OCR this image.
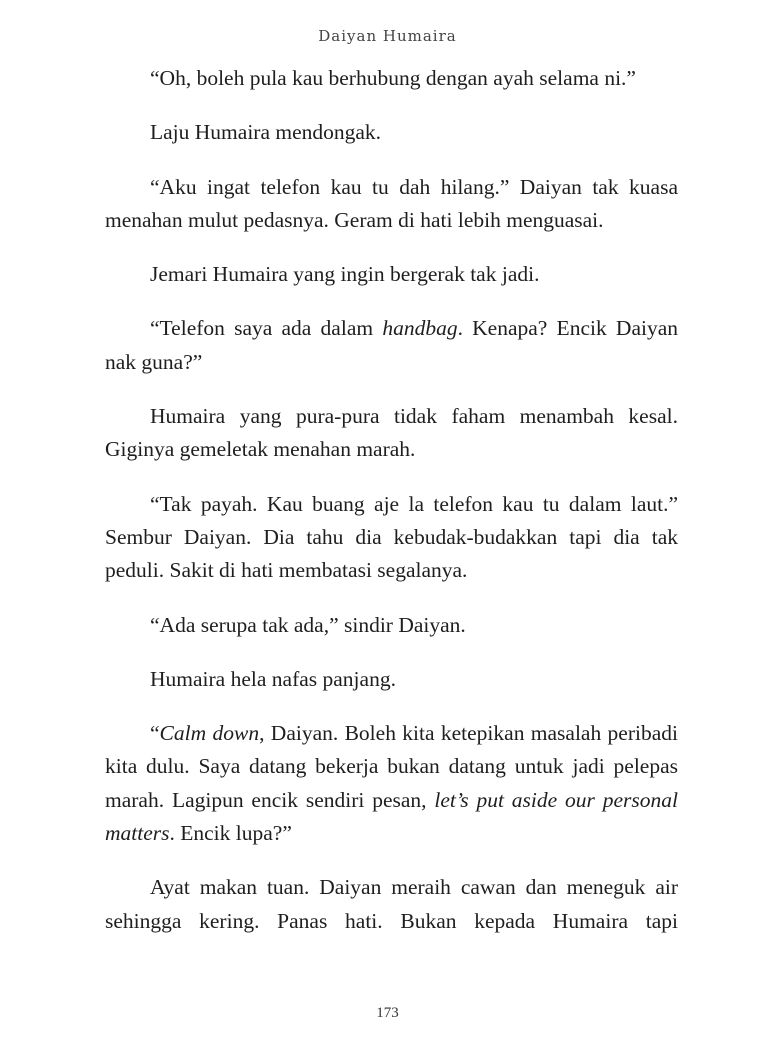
Daiyan Humaira

“Oh, boleh pula kau berhubung dengan ayah selama ni.”

Laju Humaira mendongak.

“Aku ingat telefon kau tu dah hilang.” Daiyan tak kuasa menahan mulut pedasnya. Geram di hati lebih menguasai.

Jemari Humaira yang ingin bergerak tak jadi.

“Telefon saya ada dalam handbag. Kenapa? Encik Daiyan nak guna?”

Humaira yang pura-pura tidak faham menambah kesal. Giginya gemeletak menahan marah.

“Tak payah. Kau buang aje la telefon kau tu dalam laut.” Sembur Daiyan. Dia tahu dia kebudak-budakkan tapi dia tak peduli. Sakit di hati membatasi segalanya.

“Ada serupa tak ada,” sindir Daiyan.

Humaira hela nafas panjang.

“Calm down, Daiyan. Boleh kita ketepikan masalah peribadi kita dulu. Saya datang bekerja bukan datang untuk jadi pelepas marah. Lagipun encik sendiri pesan, let’s put aside our personal matters. Encik lupa?”

Ayat makan tuan. Daiyan meraih cawan dan meneguk air sehingga kering. Panas hati. Bukan kepada Humaira tapi

173
